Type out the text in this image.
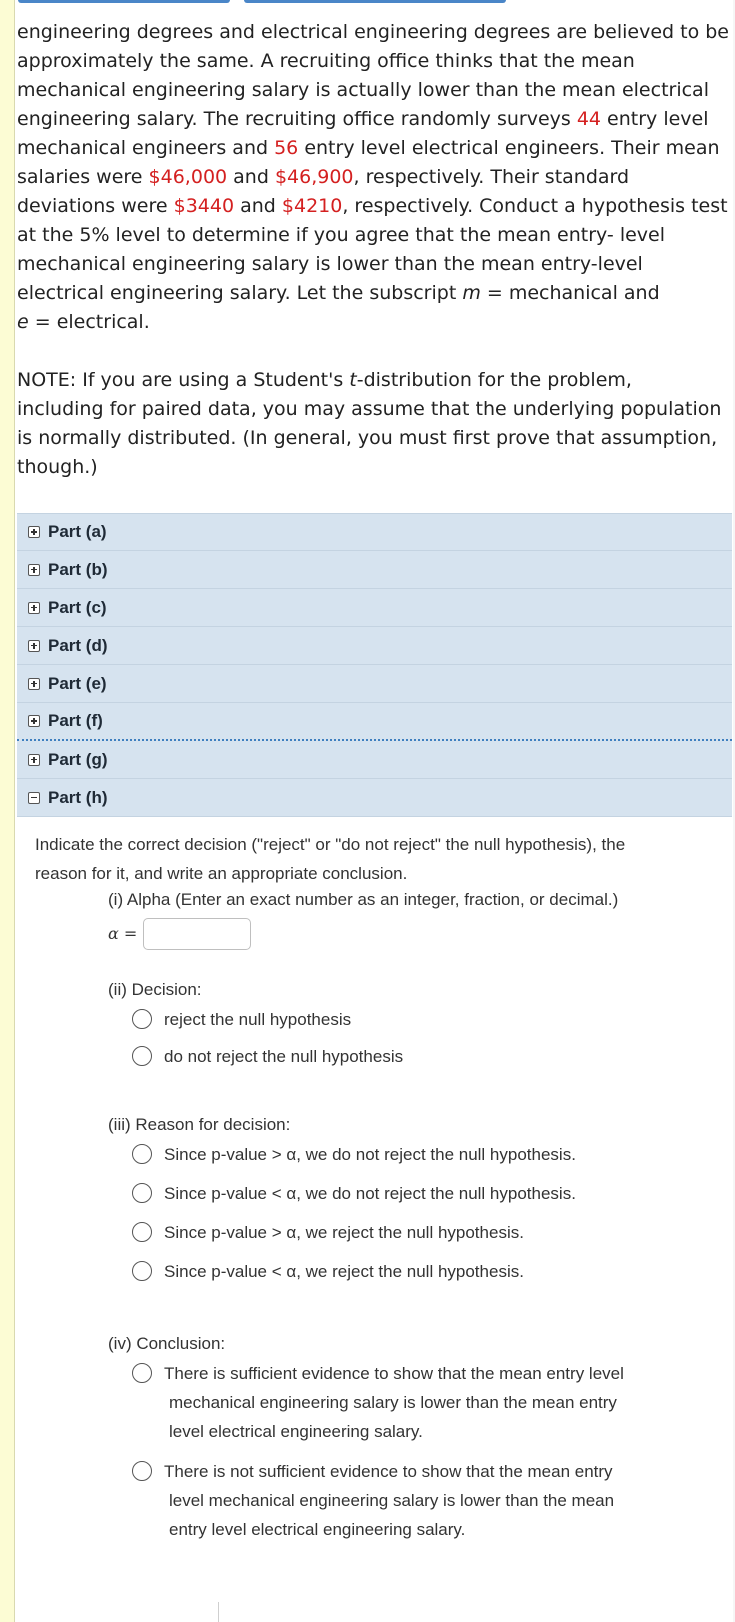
engineering degrees and electrical engineering degrees are believed to be

approximately the same. A recruiting office thinks that the mean

mechanical engineering salary is actually lower than the mean electrical

engineering salary. The recruiting office randomly surveys 44 entry level

mechanical engineers and 56 entry level electrical engineers. Their mean

salaries were $46,000 and $46,900, respectively. Their standard

deviations were $3440 and $4210, respectively. Conduct a hypothesis test

at the 5% level to determine if you agree that the mean entry- level

mechanical engineering salary is lower than the mean entry-level

electrical engineering salary. Let the subscript m = mechanical and

e = electrical.

NOTE: If you are using a Student's t-distribution for the problem,

including for paired data, you may assume that the underlying population

is normally distributed. (In general, you must first prove that assumption,

though.)

Part (a)
Part (b)
Part (c)
Part (d)
Part (e)
Part (f)
Part (g)
Part (h)

Indicate the correct decision ("reject" or "do not reject" the null hypothesis), the
reason for it, and write an appropriate conclusion.

(i) Alpha (Enter an exact number as an integer, fraction, or decimal.)
α =
(ii) Decision:
reject the null hypothesis
do not reject the null hypothesis
(iii) Reason for decision:
Since p-value > α, we do not reject the null hypothesis.
Since p-value < α, we do not reject the null hypothesis.
Since p-value > α, we reject the null hypothesis.
Since p-value < α, we reject the null hypothesis.
(iv) Conclusion:
There is sufficient evidence to show that the mean entry level
mechanical engineering salary is lower than the mean entry
level electrical engineering salary.
There is not sufficient evidence to show that the mean entry
level mechanical engineering salary is lower than the mean
entry level electrical engineering salary.
